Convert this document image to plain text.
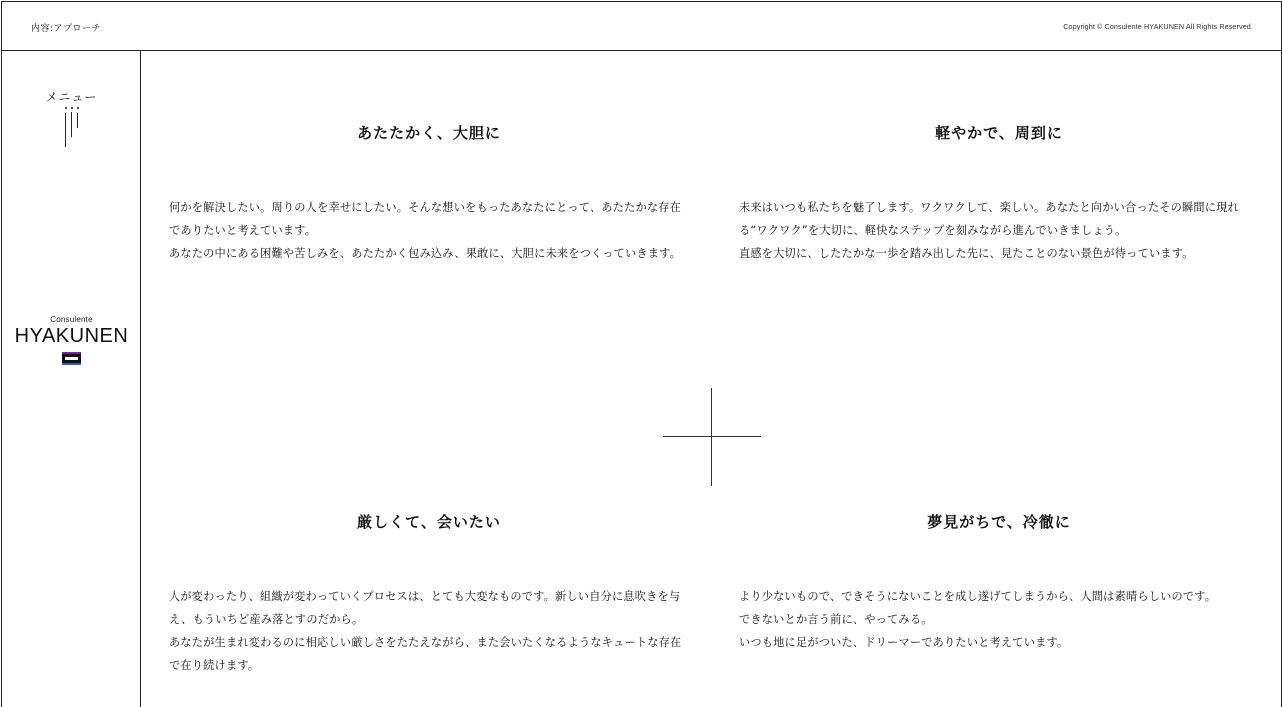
内容:アプローチ	Copyright © Consulente HYAKUNEN All Rights Reserved.
メニュー
Consulente
HYAKUNEN
あたたかく、大胆に

何かを解決したい。周りの人を幸せにしたい。そんな想いをもったあなたにとって、あたたかな存在でありたいと考えています。

あなたの中にある困難や苦しみを、あたたかく包み込み、果敢に、大胆に未来をつくっていきます。

軽やかで、周到に

未来はいつも私たちを魅了します。ワクワクして、楽しい。あなたと向かい合ったその瞬間に現れる“ワクワク”を大切に、軽快なステップを刻みながら進んでいきましょう。

直感を大切に、したたかな一歩を踏み出した先に、見たことのない景色が待っています。

厳しくて、会いたい

人が変わったり、組織が変わっていくプロセスは、とても大変なものです。新しい自分に息吹きを与え、もういちど産み落とすのだから。

あなたが生まれ変わるのに相応しい厳しさをたたえながら、また会いたくなるようなキュートな存在で在り続けます。

夢見がちで、冷徹に

より少ないもので、できそうにないことを成し遂げてしまうから、人間は素晴らしいのです。

できないとか言う前に、やってみる。

いつも地に足がついた、ドリーマーでありたいと考えています。
